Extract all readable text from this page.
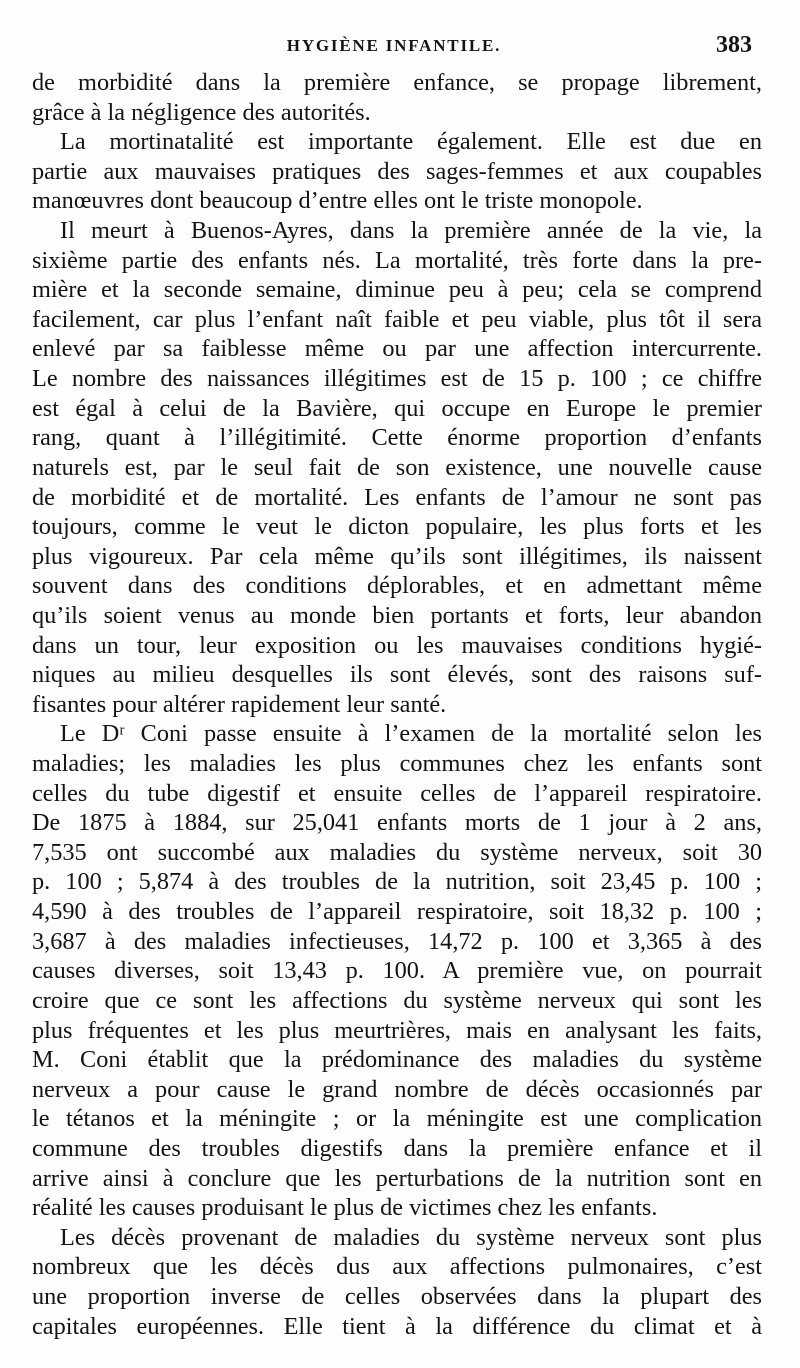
HYGIÈNE INFANTILE.	383
de morbidité dans la première enfance, se propage librement,
grâce à la négligence des autorités.
La mortinatalité est importante également. Elle est due en
partie aux mauvaises pratiques des sages-femmes et aux coupables
manœuvres dont beaucoup d’entre elles ont le triste monopole.
Il meurt à Buenos-Ayres, dans la première année de la vie, la
sixième partie des enfants nés. La mortalité, très forte dans la pre-
mière et la seconde semaine, diminue peu à peu; cela se comprend
facilement, car plus l’enfant naît faible et peu viable, plus tôt il sera
enlevé par sa faiblesse même ou par une affection intercurrente.
Le nombre des naissances illégitimes est de 15 p. 100 ; ce chiffre
est égal à celui de la Bavière, qui occupe en Europe le premier
rang, quant à l’illégitimité. Cette énorme proportion d’enfants
naturels est, par le seul fait de son existence, une nouvelle cause
de morbidité et de mortalité. Les enfants de l’amour ne sont pas
toujours, comme le veut le dicton populaire, les plus forts et les
plus vigoureux. Par cela même qu’ils sont illégitimes, ils naissent
souvent dans des conditions déplorables, et en admettant même
qu’ils soient venus au monde bien portants et forts, leur abandon
dans un tour, leur exposition ou les mauvaises conditions hygié-
niques au milieu desquelles ils sont élevés, sont des raisons suf-
fisantes pour altérer rapidement leur santé.
Le Dʳ Coni passe ensuite à l’examen de la mortalité selon les
maladies; les maladies les plus communes chez les enfants sont
celles du tube digestif et ensuite celles de l’appareil respiratoire.
De 1875 à 1884, sur 25,041 enfants morts de 1 jour à 2 ans,
7,535 ont succombé aux maladies du système nerveux, soit 30
p. 100 ; 5,874 à des troubles de la nutrition, soit 23,45 p. 100 ;
4,590 à des troubles de l’appareil respiratoire, soit 18,32 p. 100 ;
3,687 à des maladies infectieuses, 14,72 p. 100 et 3,365 à des
causes diverses, soit 13,43 p. 100. A première vue, on pourrait
croire que ce sont les affections du système nerveux qui sont les
plus fréquentes et les plus meurtrières, mais en analysant les faits,
M. Coni établit que la prédominance des maladies du système
nerveux a pour cause le grand nombre de décès occasionnés par
le tétanos et la méningite ; or la méningite est une complication
commune des troubles digestifs dans la première enfance et il
arrive ainsi à conclure que les perturbations de la nutrition sont en
réalité les causes produisant le plus de victimes chez les enfants.
Les décès provenant de maladies du système nerveux sont plus
nombreux que les décès dus aux affections pulmonaires, c’est
une proportion inverse de celles observées dans la plupart des
capitales européennes. Elle tient à la différence du climat et à
